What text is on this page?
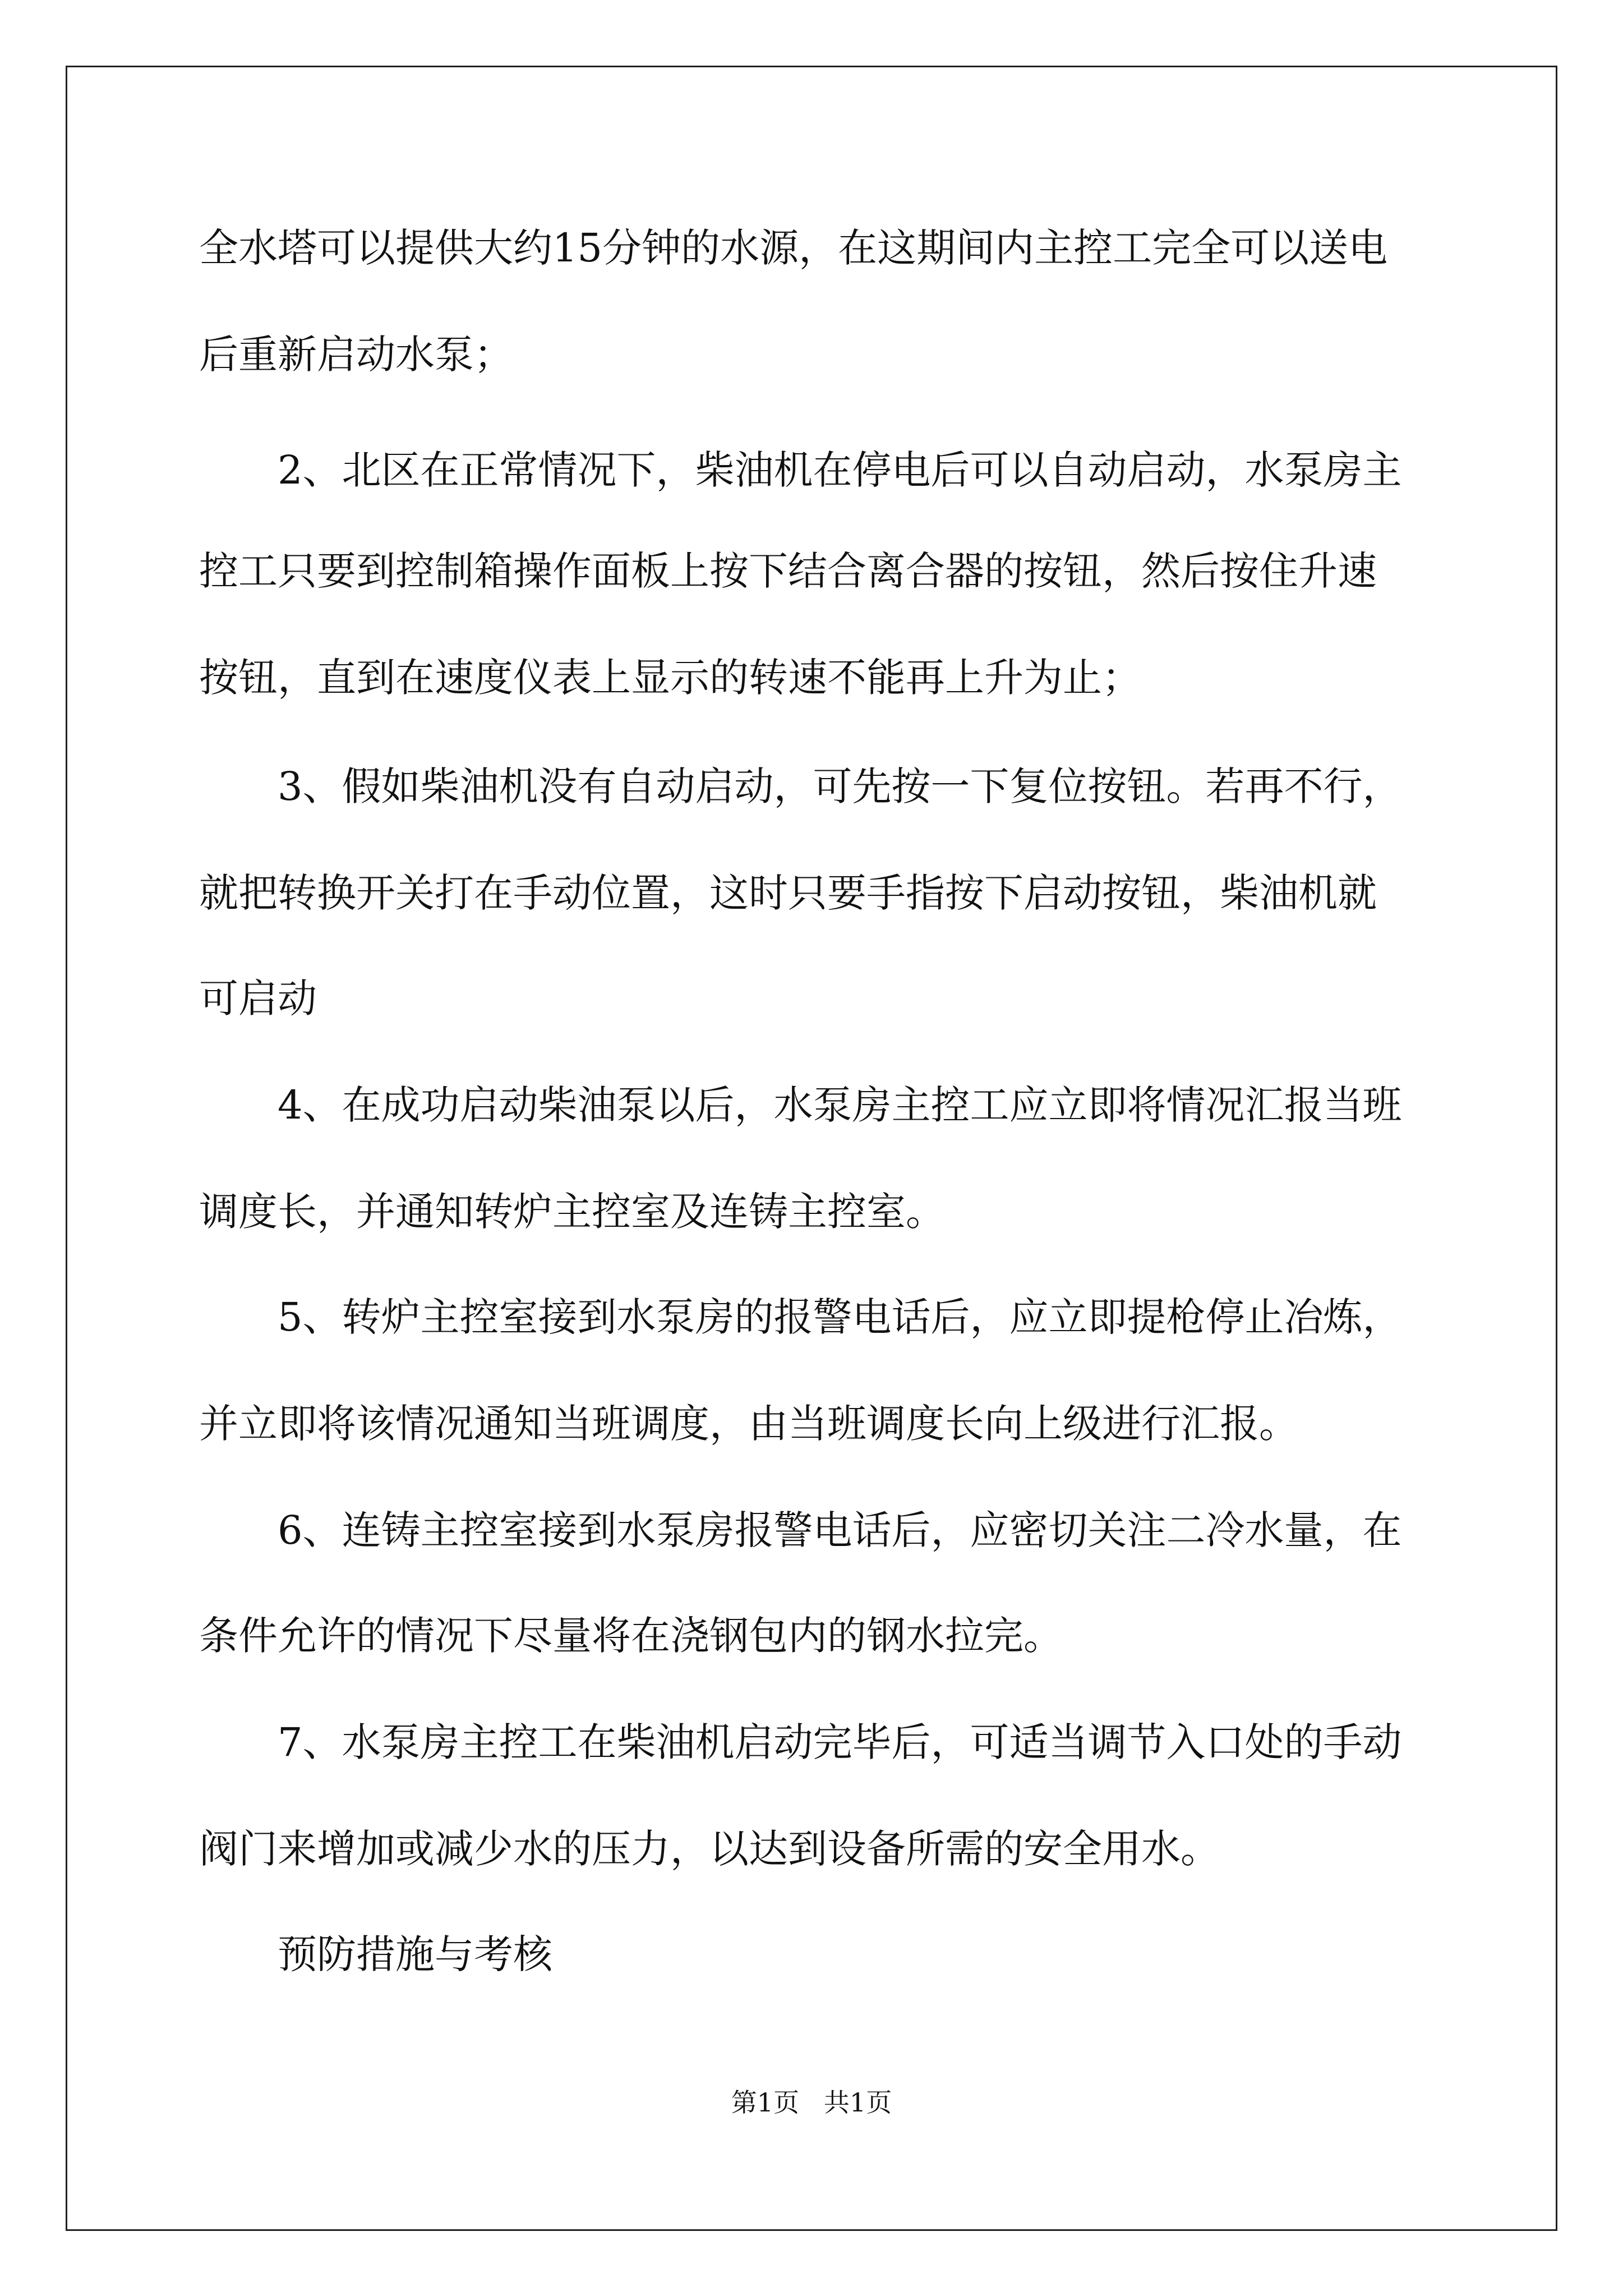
全水塔可以提供大约15分钟的水源，在这期间内主控工完全可以送电
后重新启动水泵；
2、北区在正常情况下，柴油机在停电后可以自动启动，水泵房主
控工只要到控制箱操作面板上按下结合离合器的按钮，然后按住升速
按钮，直到在速度仪表上显示的转速不能再上升为止；
3、假如柴油机没有自动启动，可先按一下复位按钮。若再不行，
就把转换开关打在手动位置，这时只要手指按下启动按钮，柴油机就
可启动
4、在成功启动柴油泵以后，水泵房主控工应立即将情况汇报当班
调度长，并通知转炉主控室及连铸主控室。
5、转炉主控室接到水泵房的报警电话后，应立即提枪停止冶炼，
并立即将该情况通知当班调度，由当班调度长向上级进行汇报。
6、连铸主控室接到水泵房报警电话后，应密切关注二冷水量，在
条件允许的情况下尽量将在浇钢包内的钢水拉完。
7、水泵房主控工在柴油机启动完毕后，可适当调节入口处的手动
阀门来增加或减少水的压力，以达到设备所需的安全用水。
预防措施与考核
第1页   共1页
